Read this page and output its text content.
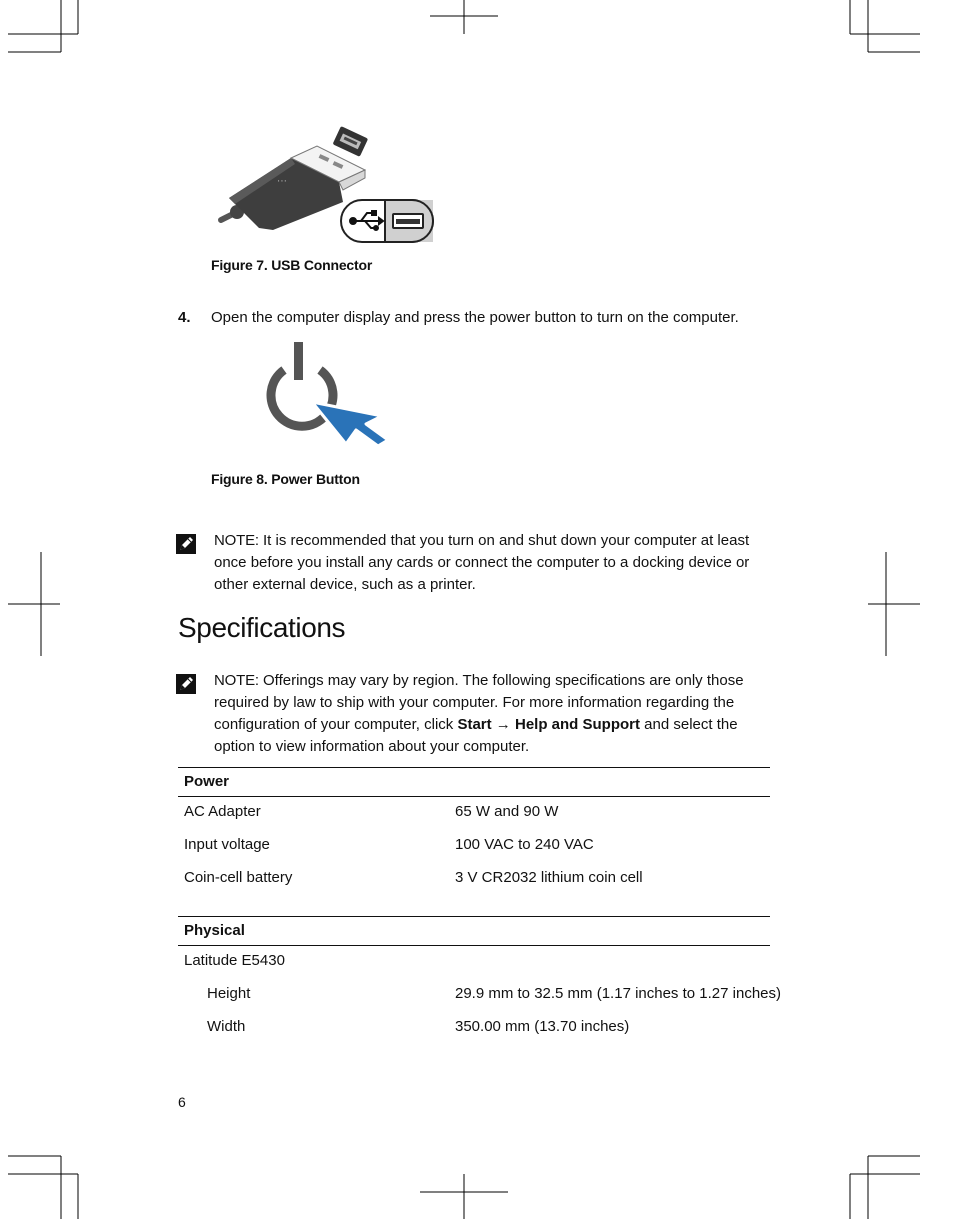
⋯
Figure 7. USB Connector
4. Open the computer display and press the power button to turn on the computer.
Figure 8. Power Button
NOTE: It is recommended that you turn on and shut down your computer at least once before you install any cards or connect the computer to a docking device or other external device, such as a printer.
Specifications
NOTE: Offerings may vary by region. The following specifications are only those required by law to ship with your computer. For more information regarding the configuration of your computer, click Start → Help and Support and select the option to view information about your computer.
Power
AC Adapter	65 W and 90 W
Input voltage	100 VAC to 240 VAC
Coin-cell battery	3 V CR2032 lithium coin cell
Physical
Latitude E5430
Height	29.9 mm to 32.5 mm (1.17 inches to 1.27 inches)
Width	350.00 mm (13.70 inches)
6
